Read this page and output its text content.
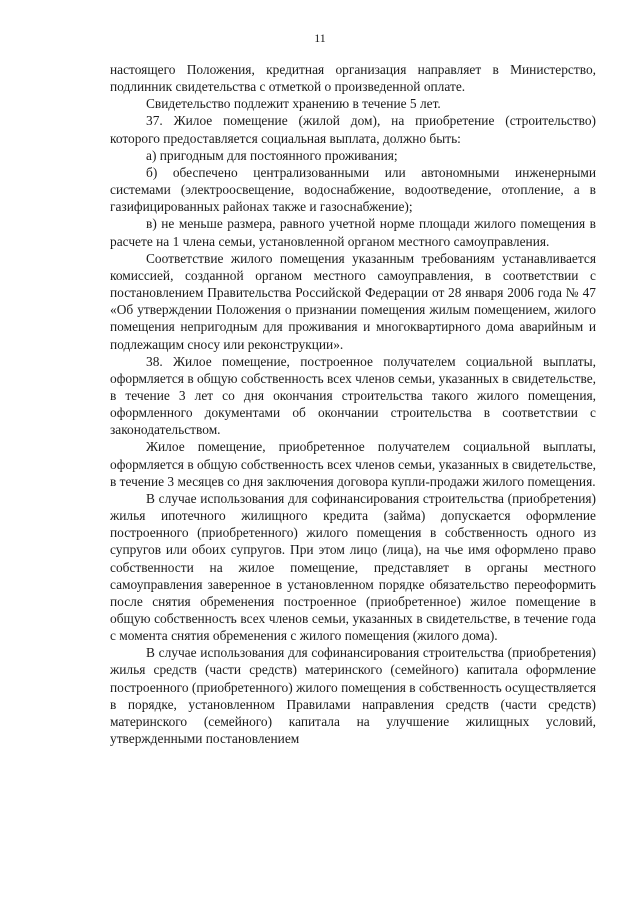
11

настоящего Положения, кредитная организация направляет в Министерство, подлинник свидетельства с отметкой о произведенной оплате.

Свидетельство подлежит хранению в течение 5 лет.

37. Жилое помещение (жилой дом), на приобретение (строительство) которого предоставляется социальная выплата, должно быть:

а) пригодным для постоянного проживания;

б) обеспечено централизованными или автономными инженерными системами (электроосвещение, водоснабжение, водоотведение, отопление, а в газифицированных районах также и газоснабжение);

в) не меньше размера, равного учетной норме площади жилого помещения в расчете на 1 члена семьи, установленной органом местного самоуправления.

Соответствие жилого помещения указанным требованиям устанавливается комиссией, созданной органом местного самоуправления, в соответствии с постановлением Правительства Российской Федерации от 28 января 2006 года № 47 «Об утверждении Положения о признании помещения жилым помещением, жилого помещения непригодным для проживания и многоквартирного дома аварийным и подлежащим сносу или реконструкции».

38. Жилое помещение, построенное получателем социальной выплаты, оформляется в общую собственность всех членов семьи, указанных в свидетельстве, в течение 3 лет со дня окончания строительства такого жилого помещения, оформленного документами об окончании строительства в соответствии с законодательством.

Жилое помещение, приобретенное получателем социальной выплаты, оформляется в общую собственность всех членов семьи, указанных в свидетельстве, в течение 3 месяцев со дня заключения договора купли-продажи жилого помещения.

В случае использования для софинансирования строительства (приобретения) жилья ипотечного жилищного кредита (займа) допускается оформление построенного (приобретенного) жилого помещения в собственность одного из супругов или обоих супругов. При этом лицо (лица), на чье имя оформлено право собственности на жилое помещение, представляет в органы местного самоуправления заверенное в установленном порядке обязательство переоформить после снятия обременения построенное (приобретенное) жилое помещение в общую собственность всех членов семьи, указанных в свидетельстве, в течение года с момента снятия обременения с жилого помещения (жилого дома).

В случае использования для софинансирования строительства (приобретения) жилья средств (части средств) материнского (семейного) капитала оформление построенного (приобретенного) жилого помещения в собственность осуществляется в порядке, установленном Правилами направления средств (части средств) материнского (семейного) капитала на улучшение жилищных условий, утвержденными постановлением
